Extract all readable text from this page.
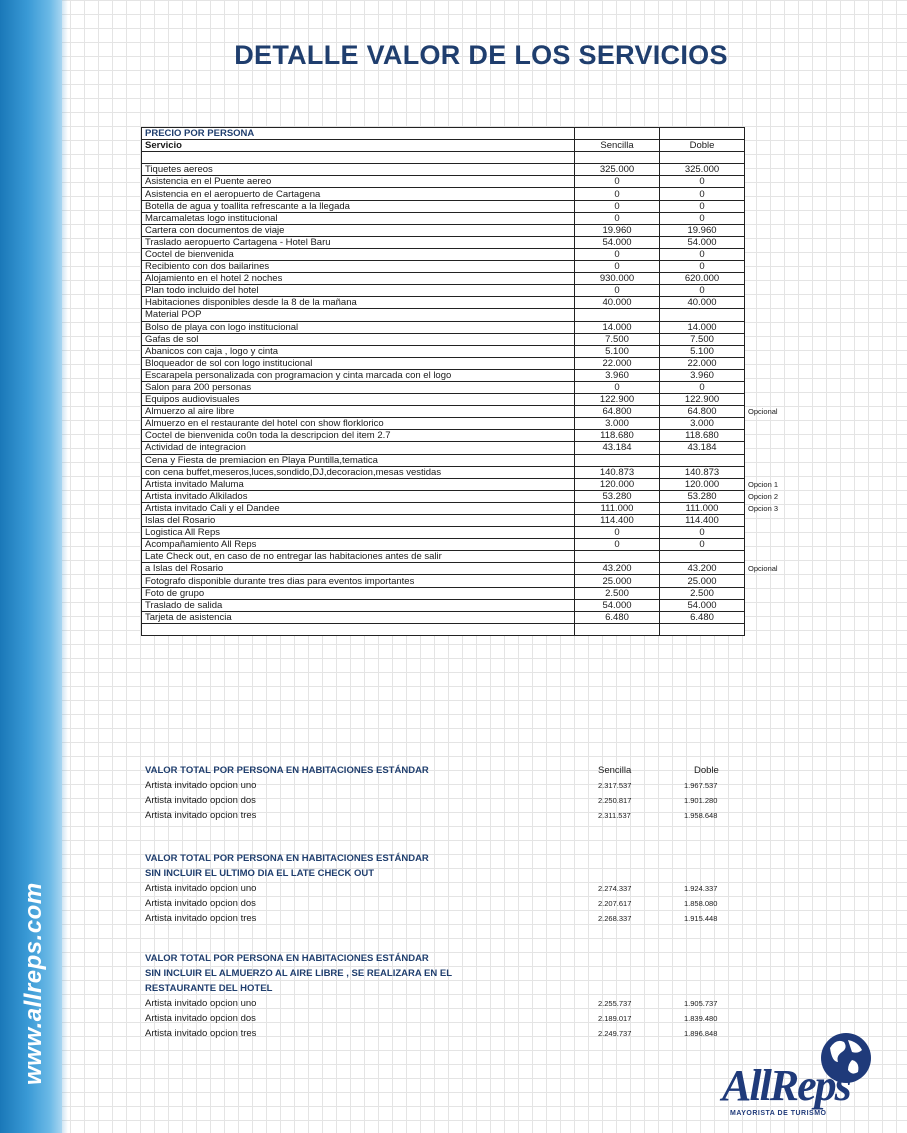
www.allreps.com
DETALLE VALOR DE LOS SERVICIOS
PRECIO POR PERSONA			
Servicio	Sencilla	Doble	

Tiquetes aereos	325.000	325.000	
Asistencia en el Puente aereo	0	0	
Asistencia en el aeropuerto de Cartagena	0	0	
Botella de agua y toallita refrescante a la llegada	0	0	
Marcamaletas logo institucional	0	0	
Cartera con documentos de viaje	19.960	19.960	
Traslado aeropuerto Cartagena - Hotel Baru	54.000	54.000	
Coctel de bienvenida	0	0	
Recibiento con dos bailarines	0	0	
Alojamiento en el hotel 2 noches	930.000	620.000	
Plan todo incluido del hotel	0	0	
Habitaciones disponibles desde la 8 de la mañana	40.000	40.000	
Material POP			
Bolso de playa con logo institucional	14.000	14.000	
Gafas de sol	7.500	7.500	
Abanicos con caja , logo y cinta	5.100	5.100	
Bloqueador de sol con logo institucional	22.000	22.000	
Escarapela personalizada con programacion y cinta marcada con el logo	3.960	3.960	
Salon para 200 personas	0	0	
Equipos audiovisuales	122.900	122.900	
Almuerzo al aire libre	64.800	64.800	Opcional
Almuerzo en el restaurante del hotel con show florklorico	3.000	3.000	
Coctel de bienvenida co0n toda la descripcion del item 2.7	118.680	118.680	
Actividad de integracion	43.184	43.184	
Cena y Fiesta de premiacion en Playa Puntilla,tematica			
con cena buffet,meseros,luces,sondido,DJ,decoracion,mesas vestidas	140.873	140.873	
Artista invitado Maluma	120.000	120.000	Opcion 1
Artista invitado Alkilados	53.280	53.280	Opcion 2
Artista invitado Cali y el Dandee	111.000	111.000	Opcion 3
Islas del Rosario	114.400	114.400	
Logistica All Reps	0	0	
Acompañamiento All Reps	0	0	
Late Check out, en caso de no entregar las habitaciones antes de salir			
a Islas del Rosario	43.200	43.200	Opcional
Fotografo disponible durante tres dias para eventos importantes	25.000	25.000	
Foto de grupo	2.500	2.500	
Traslado de salida	54.000	54.000	
Tarjeta de asistencia	6.480	6.480	

VALOR TOTAL POR PERSONA EN HABITACIONES ESTÁNDAR	Sencilla	Doble
Artista invitado opcion uno	2.317.537	1.967.537
Artista invitado opcion dos	2.250.817	1.901.280
Artista invitado opcion tres	2.311.537	1.958.648
VALOR TOTAL POR PERSONA EN HABITACIONES ESTÁNDAR
SIN INCLUIR EL ULTIMO DIA EL LATE CHECK OUT
Artista invitado opcion uno	2.274.337	1.924.337
Artista invitado opcion dos	2.207.617	1.858.080
Artista invitado opcion tres	2.268.337	1.915.448
VALOR TOTAL POR PERSONA EN HABITACIONES ESTÁNDAR
SIN INCLUIR EL ALMUERZO AL AIRE LIBRE , SE REALIZARA EN EL
RESTAURANTE DEL HOTEL
Artista invitado opcion uno	2.255.737	1.905.737
Artista invitado opcion dos	2.189.017	1.839.480
Artista invitado opcion tres	2.249.737	1.896.848
AllReps
MAYORISTA DE TURISMO
